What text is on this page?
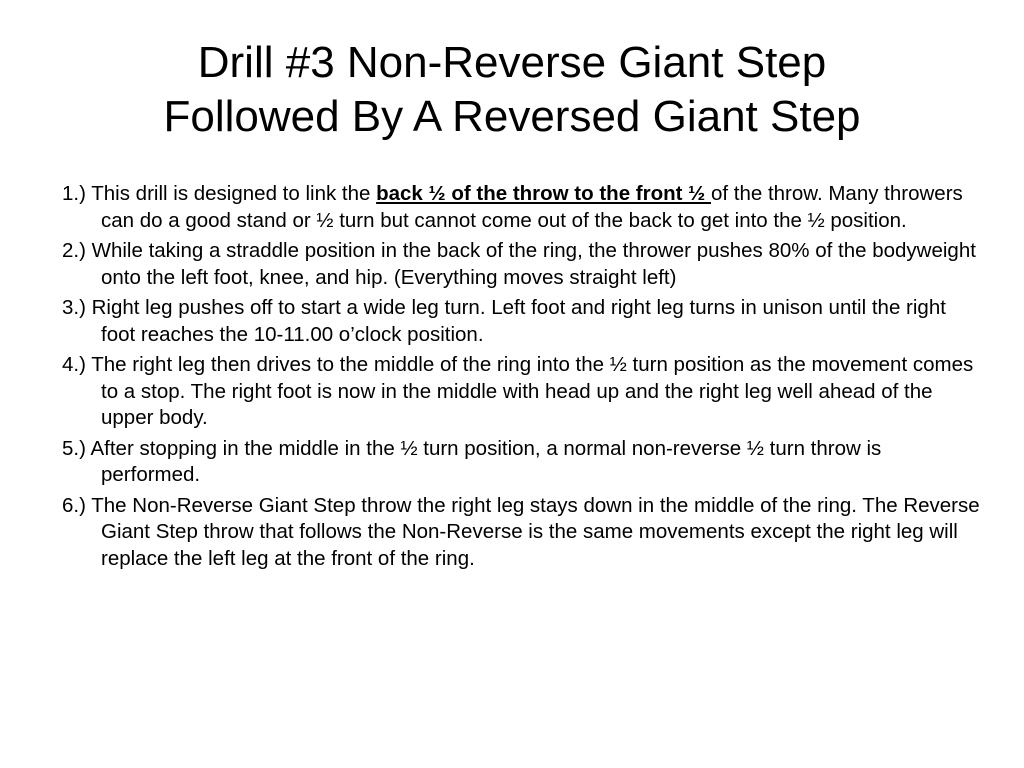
Drill #3 Non-Reverse Giant Step
Followed By A Reversed Giant Step
1.) This drill is designed to link the back ½ of the throw to the front ½ of the throw. Many throwers can do a good stand or ½ turn but cannot come out of the back to get into the ½ position.
2.) While taking a straddle position in the back of the ring, the thrower pushes 80% of the bodyweight onto the left foot, knee, and hip. (Everything moves straight left)
3.) Right leg pushes off to start a wide leg turn. Left foot and right leg turns in unison until the right foot reaches the 10-11.00 o’clock position.
4.) The right leg then drives to the middle of the ring into the ½ turn position as the movement comes to a stop. The right foot is now in the middle with head up and the right leg well ahead of the upper body.
5.) After stopping in the middle in the ½ turn position, a normal non-reverse ½ turn throw is performed.
6.) The Non-Reverse Giant Step throw the right leg stays down in the middle of the ring. The Reverse Giant Step throw that follows the Non-Reverse is the same movements except the right leg will replace the left leg at the front of the ring.
